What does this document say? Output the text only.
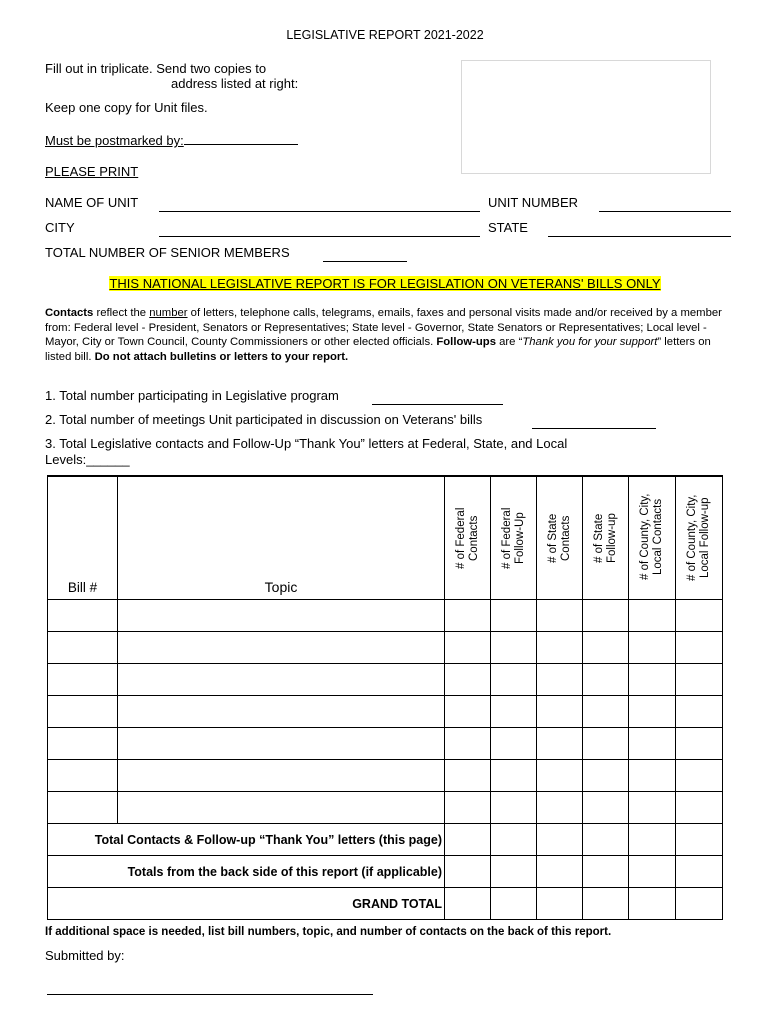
LEGISLATIVE REPORT 2021-2022
Fill out in triplicate. Send two copies to
address listed at right:
Keep one copy for Unit files.
Must be postmarked by:
PLEASE PRINT
NAME OF UNIT	UNIT NUMBER
CITY	STATE
TOTAL NUMBER OF SENIOR MEMBERS
THIS NATIONAL LEGISLATIVE REPORT IS FOR LEGISLATION ON VETERANS' BILLS ONLY
Contacts reflect the number of letters, telephone calls, telegrams, emails, faxes and personal visits made and/or received by a member from: Federal level - President, Senators or Representatives; State level - Governor, State Senators or Representatives; Local level - Mayor, City or Town Council, County Commissioners or other elected officials. Follow-ups are “Thank you for your support” letters on listed bill. Do not attach bulletins or letters to your report.
1. Total number participating in Legislative program
2. Total number of meetings Unit participated in discussion on Veterans' bills
3. Total Legislative contacts and Follow-Up “Thank You” letters at Federal, State, and Local
Levels:______
Bill #	Topic	# of Federal Contacts	# of Federal Follow-Up	# of State Contacts	# of State Follow-up	# of County, City, Local Contacts	# of County, City, Local Follow-up

Total Contacts & Follow-up “Thank You” letters (this page)							
Totals from the back side of this report (if applicable)							
GRAND TOTAL							
If additional space is needed, list bill numbers, topic, and number of contacts on the back of this report.
Submitted by:
